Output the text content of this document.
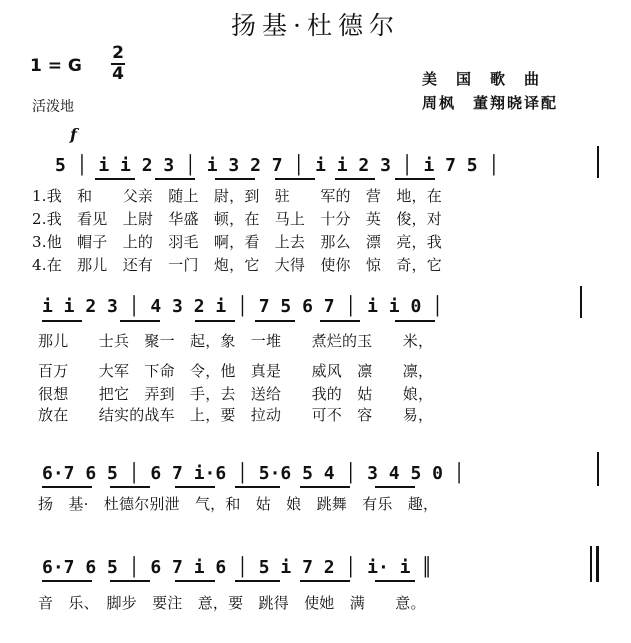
扬基·杜德尔
1 = G
2
4	美　国　歌　曲
周枫　董翔晓译配
活泼地
f
5 │ i i 2 3 │ i 3 2 7 │ i i 2 3 │ i 7 5 │
1.我　和　　父亲　随上　尉，到　驻　　军的　营　地，在
2.我　看见　上尉　华盛　顿，在　马上　十分　英　俊，对
3.他　帽子　上的　羽毛　啊，看　上去　那么　漂　亮，我
4.在　那儿　还有　一门　炮，它　大得　使你　惊　奇，它
i i 2 3 │ 4 3 2 i │ 7 5 6 7 │ i i 0 │
那儿　　士兵　聚一　起，象　一堆　　煮烂的玉　　米，
百万　　大军　下命　令，他　真是　　威风　凛　　凛，
很想　　把它　弄到　手，去　送给　　我的　姑　　娘，
放在　　结实的战车　上，要　拉动　　可不　容　　易，
6·7 6 5 │ 6 7 i·6 │ 5·6 5 4 │ 3 4 5 0 │
扬　基·　杜德尔别泄　气，和　姑　娘　跳舞　有乐　趣，
6·7 6 5 │ 6 7 i 6 │ 5 i 7 2 │ i· i ║
音　乐、　脚步　要注　意，要　跳得　使她　满　　意。
